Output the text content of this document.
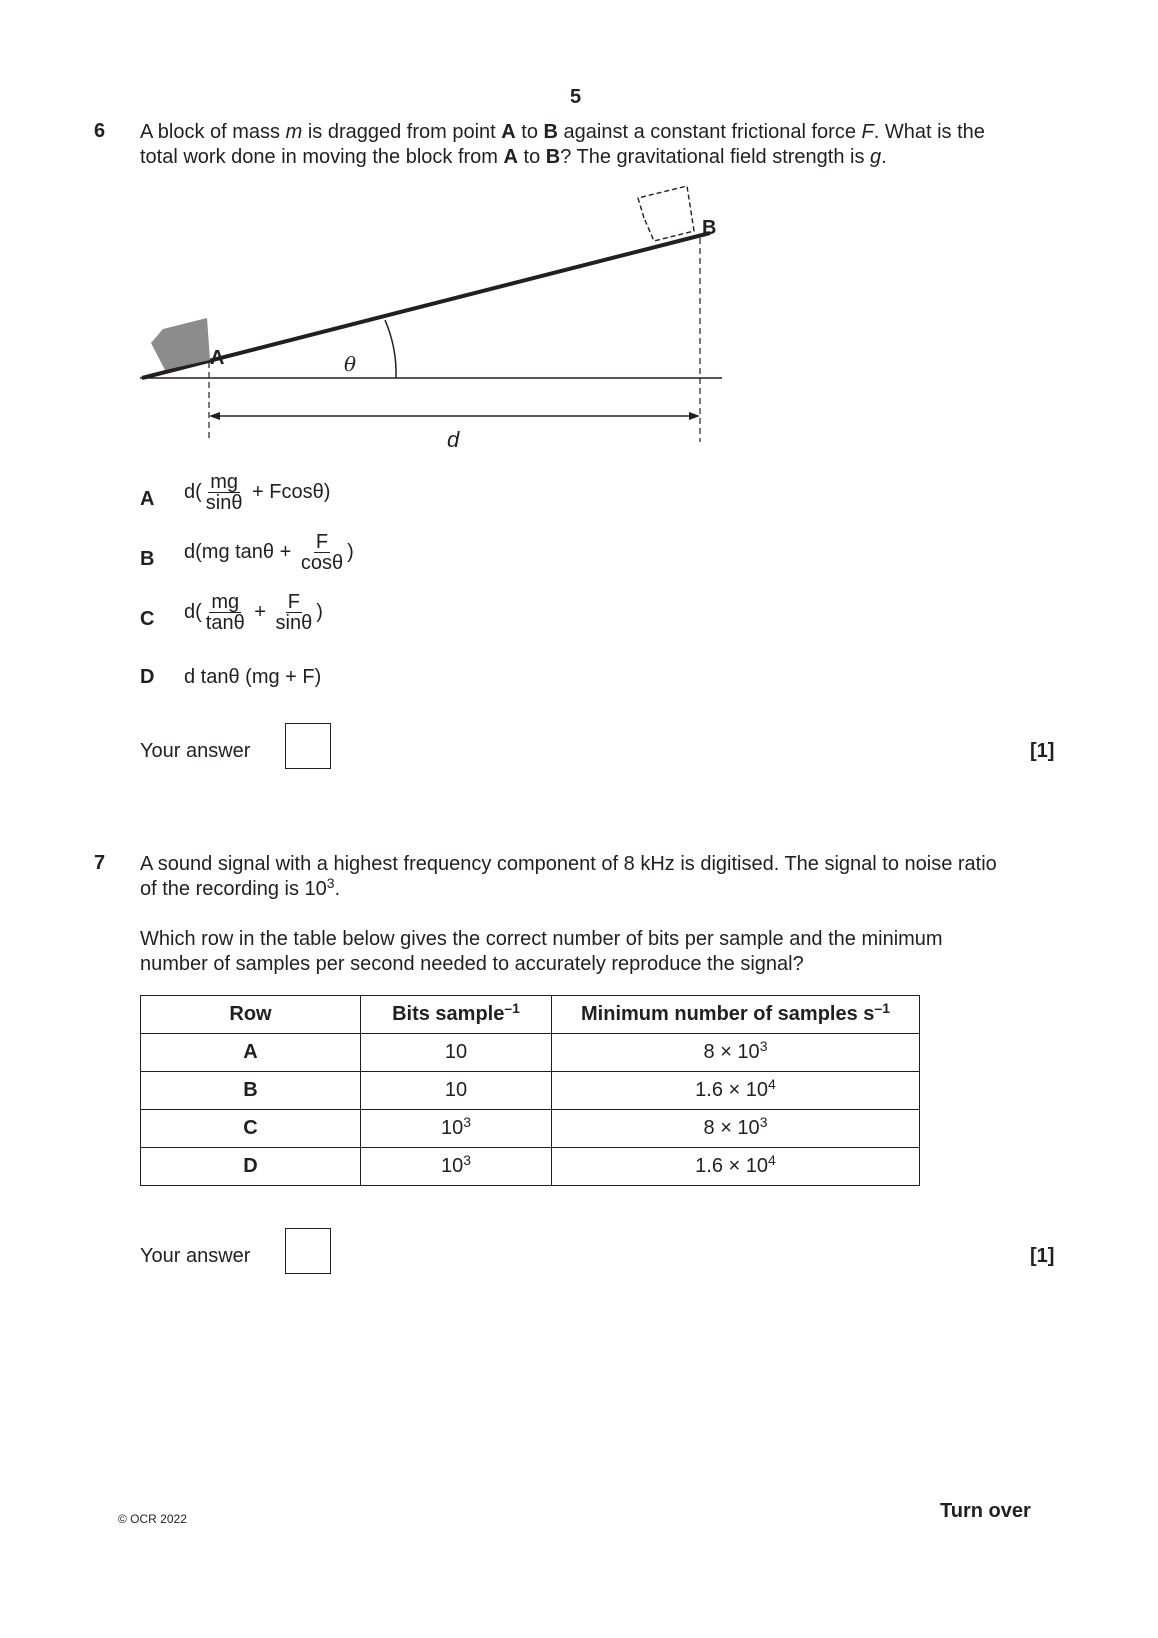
5
6 A block of mass m is dragged from point A to B against a constant frictional force F. What is the
total work done in moving the block from A to B? The gravitational field strength is g.
A
B
θ
d
A $d( \frac{mg}{\sin\theta} + Fcos\theta)$
B d(mg $\tan\theta + \frac{F}{\cos\theta}$ )
C $d( \frac{mg}{\tan\theta} + \frac{F}{\sin\theta}$ )
D d tanθ (mg + F)
Your answer	[1]
7 A sound signal with a highest frequency component of 8 kHz is digitised. The signal to noise ratio
of the recording is $10^3$.
Which row in the table below gives the correct number of bits per sample and the minimum
number of samples per second needed to accurately reproduce the signal?
Row	Bits sample$^{-1}$	Minimum number of samples $s^{-1}$
A	10	$8 \times 10^3$
B	10	$1.6 \times 10^4$
C	$10^3$	$8 \times 10^3$
D	$10^3$	$1.6 \times 10^4$
Your answer	[1]
© OCR 2022	Turn over
